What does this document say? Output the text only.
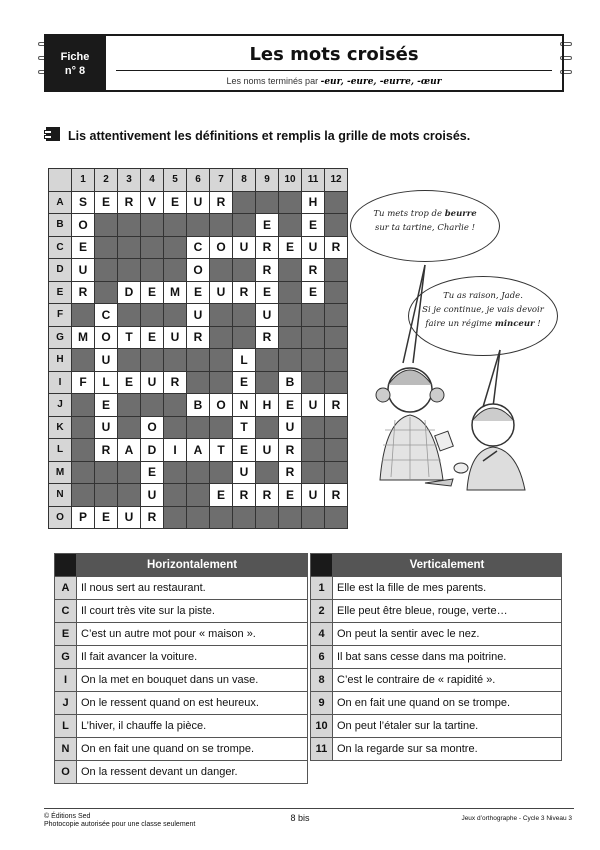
Fiche
n° 8
Les mots croisés
Les noms terminés par -eur, -eure, -eurre, -œur
Lis attentivement les définitions et remplis la grille de mots croisés.
	1	2	3	4	5	6	7	8	9	10	11	12
A	S	E	R	V	E	U	R				H	
B	O								E		E	
C	E					C	O	U	R	E	U	R
D	U					O			R		R	
E	R		D	E	M	E	U	R	E		E	
F		C				U			U			
G	M	O	T	E	U	R			R			
H		U						L				
I	F	L	E	U	R			E		B		
J		E				B	O	N	H	E	U	R
K		U		O				T		U		
L		R	A	D	I	A	T	E	U	R		
M				E				U		R		
N				U			E	R	R	E	U	R
O	P	E	U	R								
Tu mets trop de beurre
sur ta tartine, Charlie !
Tu as raison, Jade.
Si je continue, je vais devoir
faire un régime minceur !
	Horizontalement
A	Il nous sert au restaurant.
C	Il court très vite sur la piste.
E	C’est un autre mot pour « maison ».
G	Il fait avancer la voiture.
I	On la met en bouquet dans un vase.
J	On le ressent quand on est heureux.
L	L’hiver, il chauffe la pièce.
N	On en fait une quand on se trompe.
O	On la ressent devant un danger.
	Verticalement
1	Elle est la fille de mes parents.
2	Elle peut être bleue, rouge, verte…
4	On peut la sentir avec le nez.
6	Il bat sans cesse dans ma poitrine.
8	C’est le contraire de « rapidité ».
9	On en fait une quand on se trompe.
10	On peut l’étaler sur la tartine.
11	On la regarde sur sa montre.
© Éditions Sed
Photocopie autorisée pour une classe seulement
8 bis	Jeux d’orthographe - Cycle 3 Niveau 3
